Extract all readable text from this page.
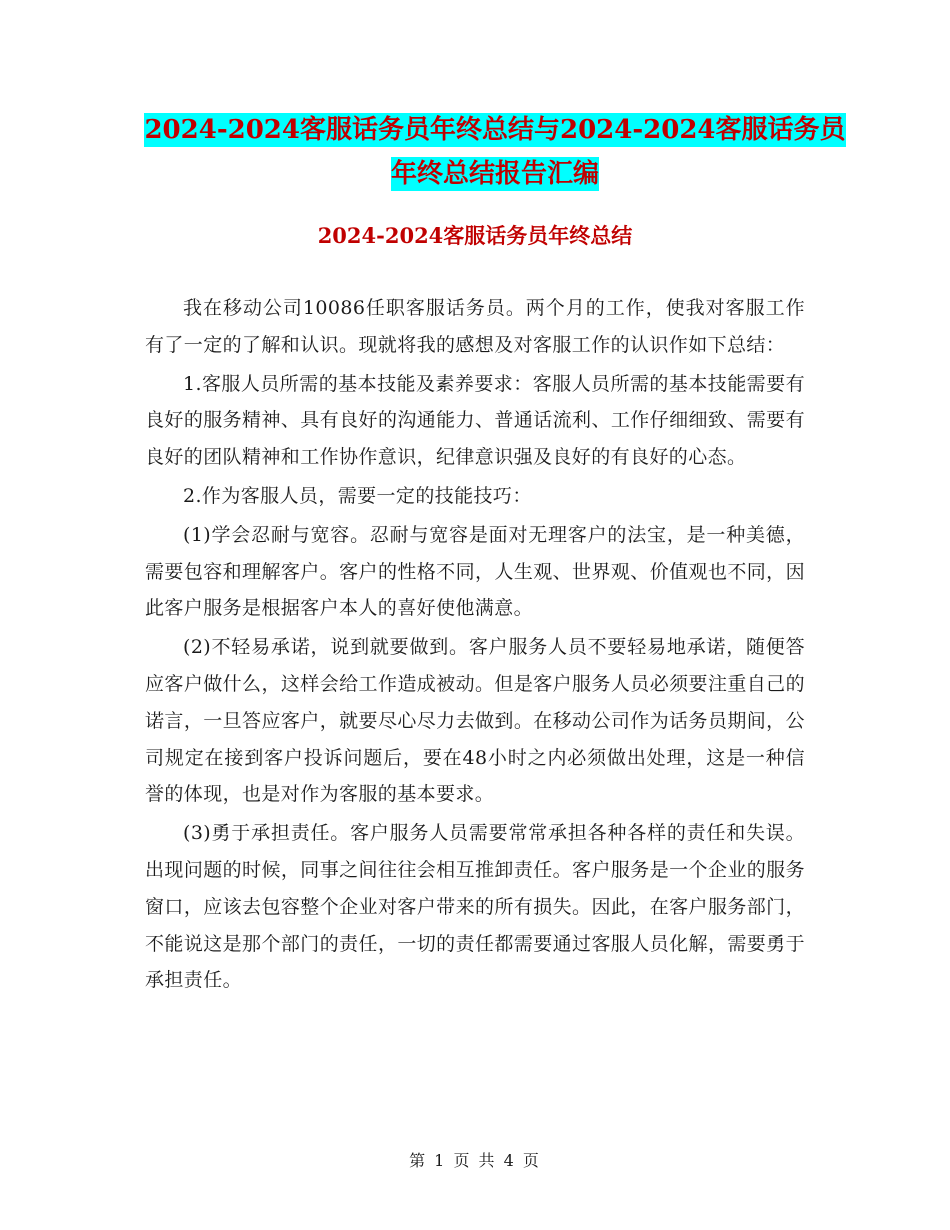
2024-2024客服话务员年终总结与2024-2024客服话务员年终总结报告汇编
2024-2024客服话务员年终总结

我在移动公司10086任职客服话务员。两个月的工作，使我对客服工作有了一定的了解和认识。现就将我的感想及对客服工作的认识作如下总结：

1.客服人员所需的基本技能及素养要求：客服人员所需的基本技能需要有良好的服务精神、具有良好的沟通能力、普通话流利、工作仔细细致、需要有良好的团队精神和工作协作意识，纪律意识强及良好的有良好的心态。

2.作为客服人员，需要一定的技能技巧：

(1)学会忍耐与宽容。忍耐与宽容是面对无理客户的法宝，是一种美德，需要包容和理解客户。客户的性格不同，人生观、世界观、价值观也不同，因此客户服务是根据客户本人的喜好使他满意。

(2)不轻易承诺，说到就要做到。客户服务人员不要轻易地承诺，随便答应客户做什么，这样会给工作造成被动。但是客户服务人员必须要注重自己的诺言，一旦答应客户，就要尽心尽力去做到。在移动公司作为话务员期间，公司规定在接到客户投诉问题后，要在48小时之内必须做出处理，这是一种信誉的体现，也是对作为客服的基本要求。

(3)勇于承担责任。客户服务人员需要常常承担各种各样的责任和失误。出现问题的时候，同事之间往往会相互推卸责任。客户服务是一个企业的服务窗口，应该去包容整个企业对客户带来的所有损失。因此，在客户服务部门，不能说这是那个部门的责任，一切的责任都需要通过客服人员化解，需要勇于承担责任。

第 1 页 共 4 页
